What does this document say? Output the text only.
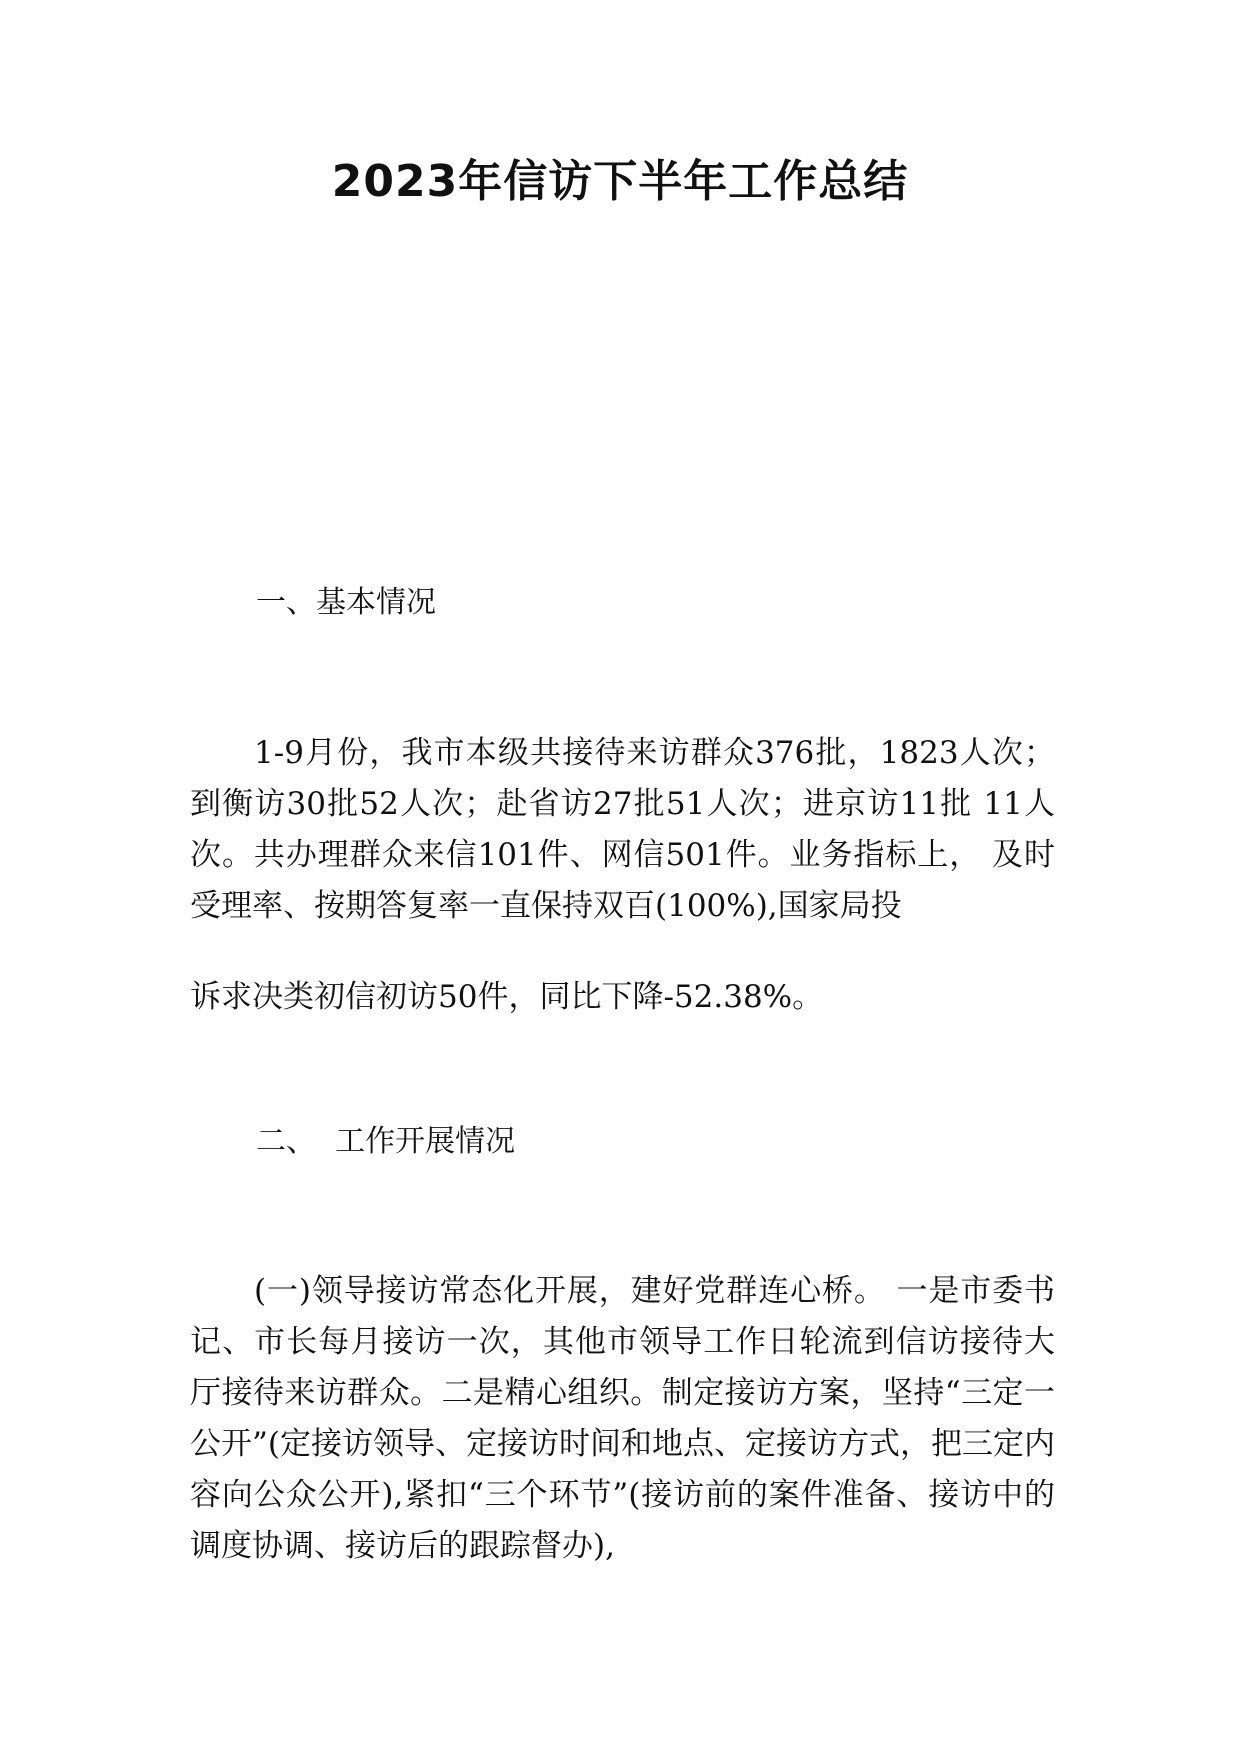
2023年信访下半年工作总结
一、基本情况

1-9月份，我市本级共接待来访群众376批，1823人次； 到衡访30批52人次；赴省访27批51人次；进京访11批 11人次。共办理群众来信101件、网信501件。业务指标上， 及时受理率、按期答复率一直保持双百(100%),国家局投

诉求决类初信初访50件，同比下降-52.38%。

二、  工作开展情况

(一)领导接访常态化开展，建好党群连心桥。 一是市委书记、市长每月接访一次，其他市领导工作日轮流到信访接待大厅接待来访群众。二是精心组织。制定接访方案，坚持“三定一公开”(定接访领导、定接访时间和地点、定接访方式，把三定内容向公众公开),紧扣“三个环节”(接访前的案件准备、接访中的调度协调、接访后的跟踪督办),
